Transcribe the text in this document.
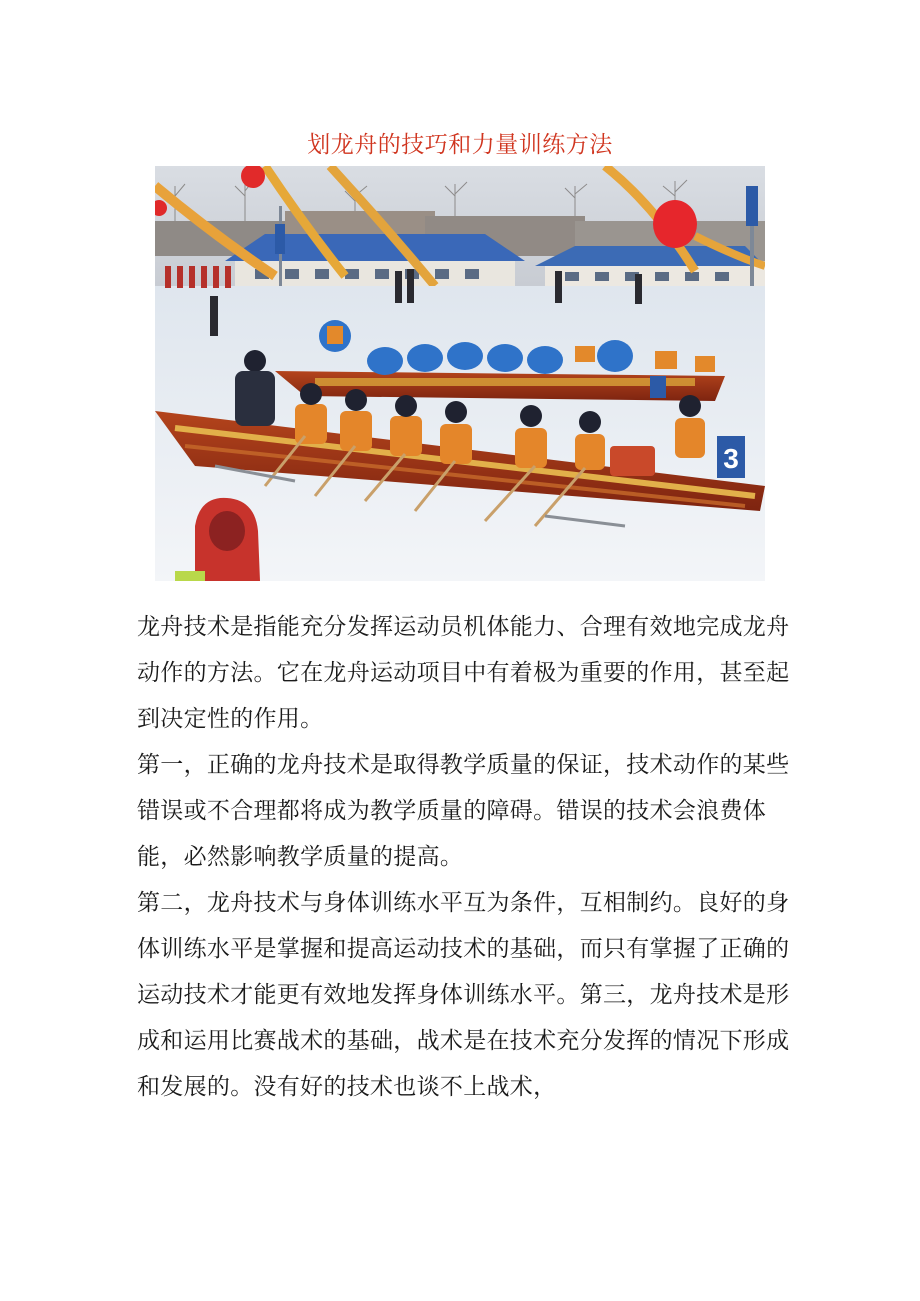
划龙舟的技巧和力量训练方法
3

龙舟技术是指能充分发挥运动员机体能力、合理有效地完成龙舟动作的方法。它在龙舟运动项目中有着极为重要的作用，甚至起到决定性的作用。

第一，正确的龙舟技术是取得教学质量的保证，技术动作的某些错误或不合理都将成为教学质量的障碍。错误的技术会浪费体能，必然影响教学质量的提高。

第二，龙舟技术与身体训练水平互为条件，互相制约。良好的身体训练水平是掌握和提高运动技术的基础，而只有掌握了正确的运动技术才能更有效地发挥身体训练水平。第三，龙舟技术是形成和运用比赛战术的基础，战术是在技术充分发挥的情况下形成和发展的。没有好的技术也谈不上战术，
